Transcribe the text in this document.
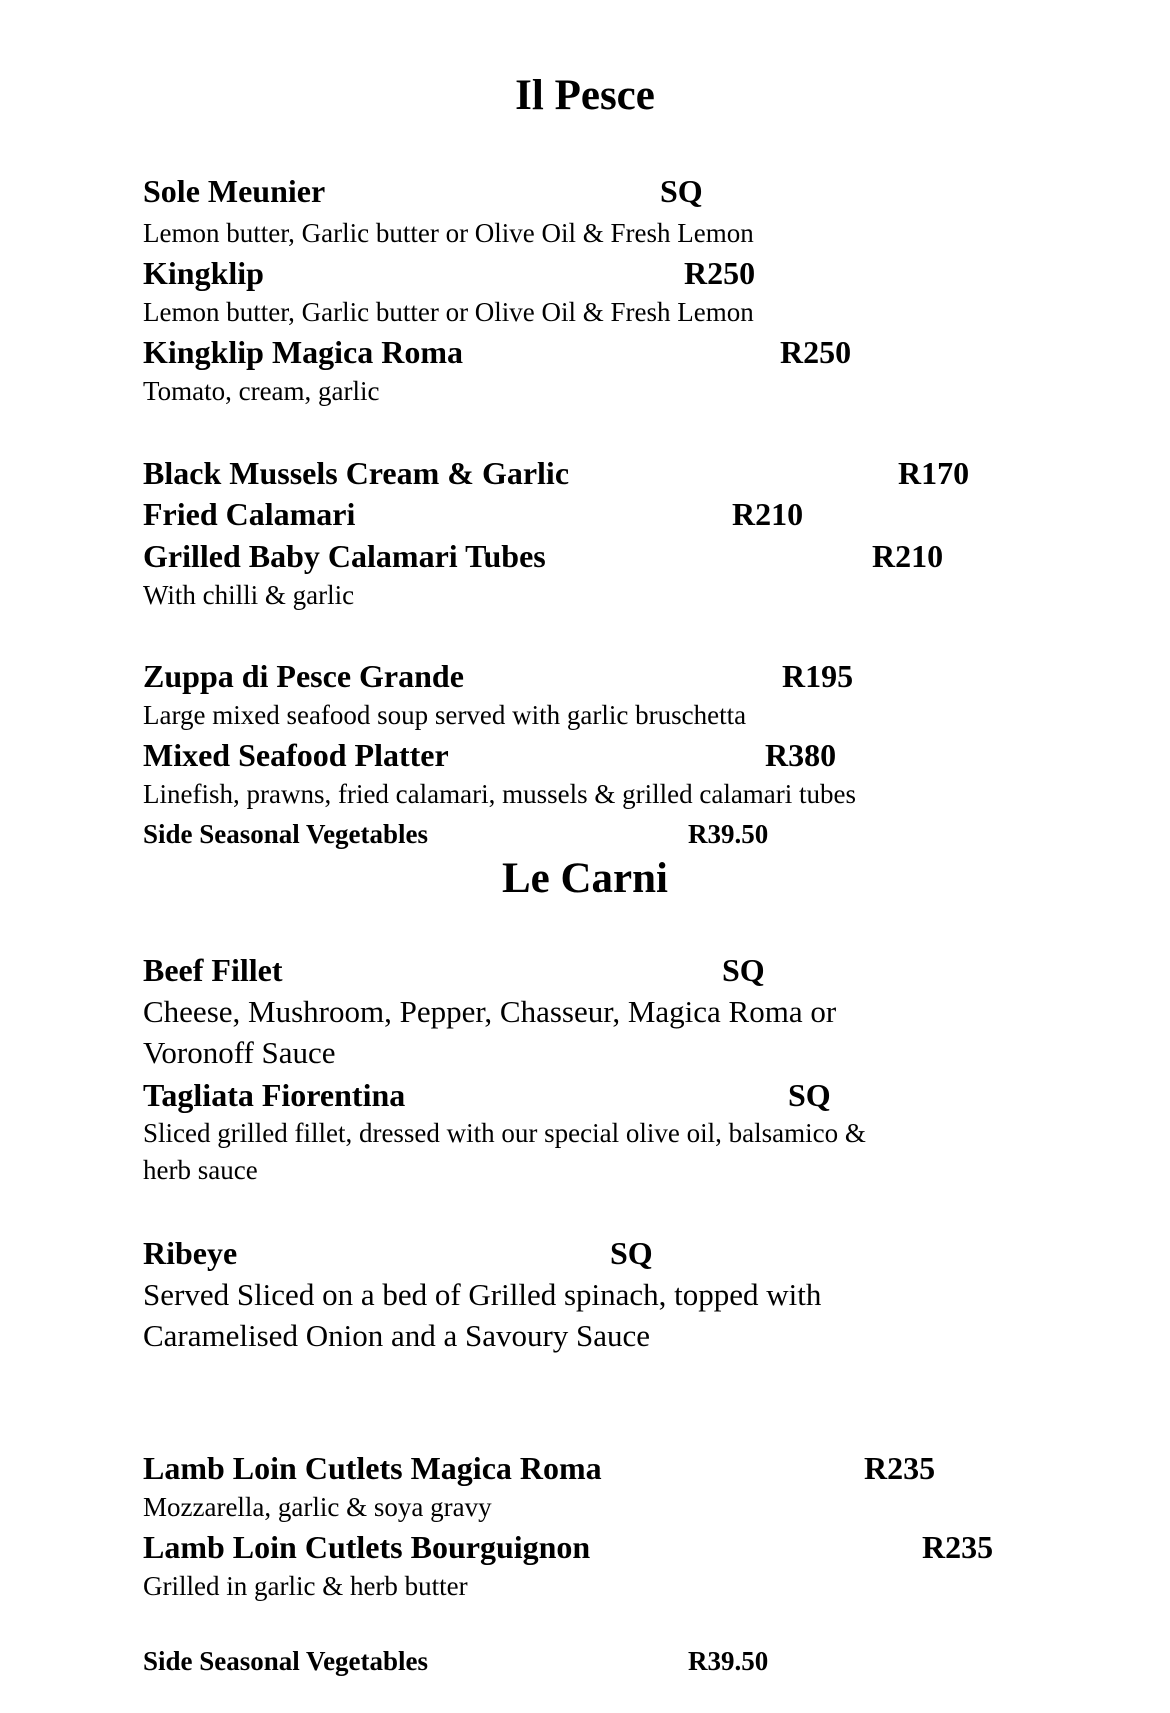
Il Pesce
Sole Meunier	SQ
Lemon butter, Garlic butter or Olive Oil & Fresh Lemon
Kingklip	R250
Lemon butter, Garlic butter or Olive Oil & Fresh Lemon
Kingklip Magica Roma	R250
Tomato, cream, garlic
Black Mussels Cream & Garlic	R170
Fried Calamari	R210
Grilled Baby Calamari Tubes	R210
With chilli & garlic
Zuppa di Pesce Grande	R195
Large mixed seafood soup served with garlic bruschetta
Mixed Seafood Platter	R380
Linefish, prawns, fried calamari, mussels & grilled calamari tubes
Side Seasonal Vegetables	R39.50
Le Carni
Beef Fillet	SQ
Cheese, Mushroom, Pepper, Chasseur, Magica Roma or
Voronoff Sauce
Tagliata Fiorentina	SQ
Sliced grilled fillet, dressed with our special olive oil, balsamico &
herb sauce
Ribeye	SQ
Served Sliced on a bed of Grilled spinach, topped with
Caramelised Onion and a Savoury Sauce
Lamb Loin Cutlets Magica Roma	R235
Mozzarella, garlic & soya gravy
Lamb Loin Cutlets Bourguignon	R235
Grilled in garlic & herb butter
Side Seasonal Vegetables	R39.50
